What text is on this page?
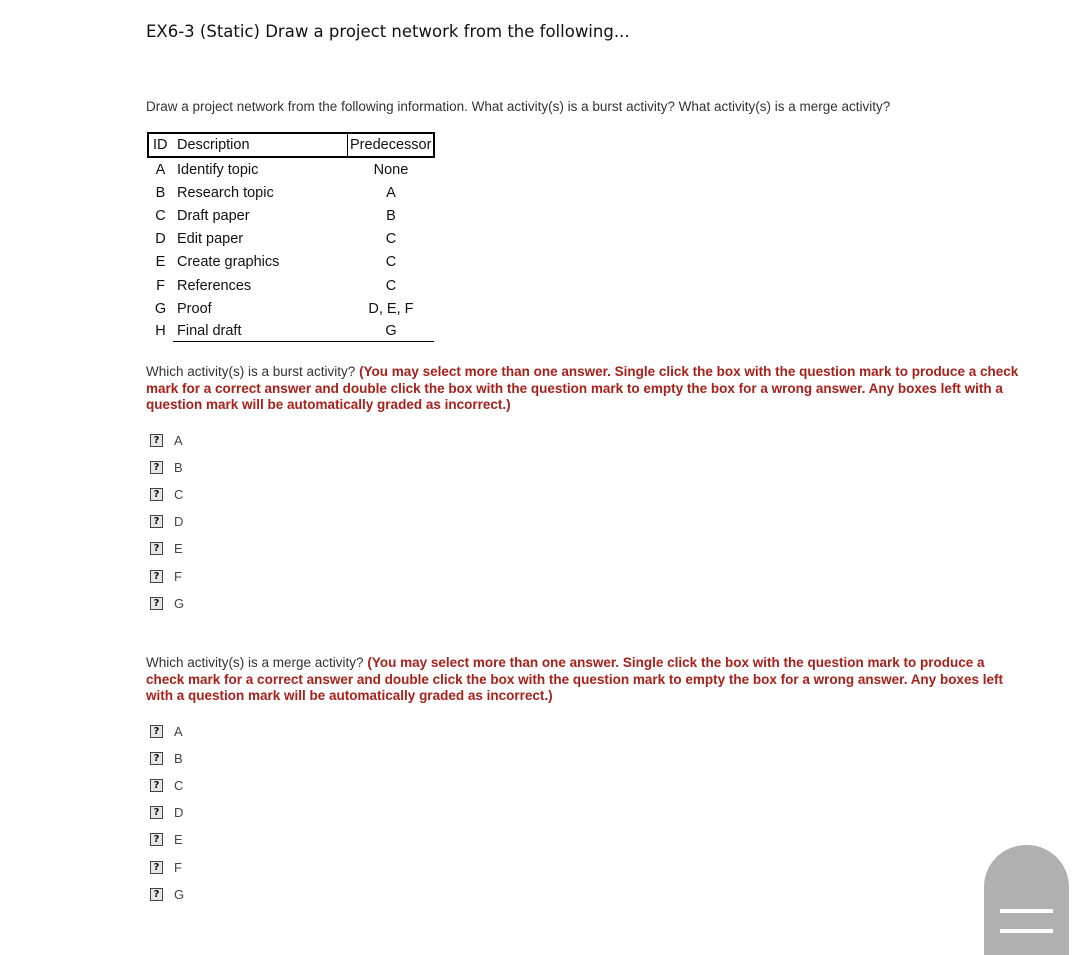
EX6-3 (Static) Draw a project network from the following...
Draw a project network from the following information. What activity(s) is a burst activity? What activity(s) is a merge activity?
ID	Description	Predecessor
A	Identify topic	None
B	Research topic	A
C	Draft paper	B
D	Edit paper	C
E	Create graphics	C
F	References	C
G	Proof	D, E, F
H	Final draft	G
Which activity(s) is a burst activity? (You may select more than one answer. Single click the box with the question mark to produce a check mark for a correct answer and double click the box with the question mark to empty the box for a wrong answer. Any boxes left with a question mark will be automatically graded as incorrect.)
? A
? B
? C
? D
? E
? F
? G
Which activity(s) is a merge activity? (You may select more than one answer. Single click the box with the question mark to produce a check mark for a correct answer and double click the box with the question mark to empty the box for a wrong answer. Any boxes left with a question mark will be automatically graded as incorrect.)
? A
? B
? C
? D
? E
? F
? G
